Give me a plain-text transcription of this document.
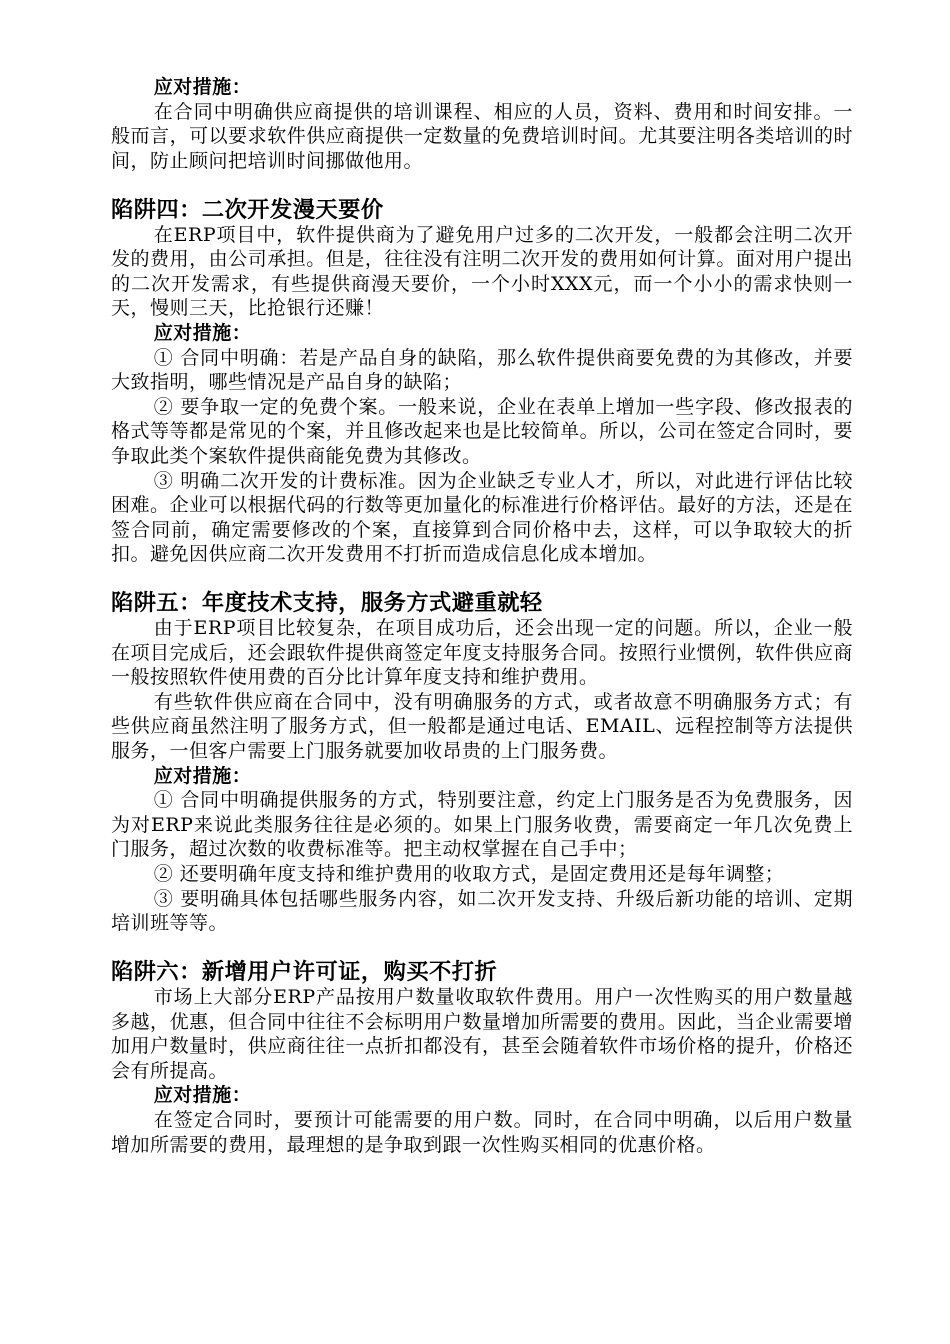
应对措施：

在合同中明确供应商提供的培训课程、相应的人员，资料、费用和时间安排。一般而言，可以要求软件供应商提供一定数量的免费培训时间。尤其要注明各类培训的时间，防止顾问把培训时间挪做他用。

陷阱四：二次开发漫天要价

在ERP项目中，软件提供商为了避免用户过多的二次开发，一般都会注明二次开发的费用，由公司承担。但是，往往没有注明二次开发的费用如何计算。面对用户提出的二次开发需求，有些提供商漫天要价，一个小时XXX元，而一个小小的需求快则一天，慢则三天，比抢银行还赚！

应对措施：

① 合同中明确：若是产品自身的缺陷，那么软件提供商要免费的为其修改，并要大致指明，哪些情况是产品自身的缺陷；

② 要争取一定的免费个案。一般来说，企业在表单上增加一些字段、修改报表的格式等等都是常见的个案，并且修改起来也是比较简单。所以，公司在签定合同时，要争取此类个案软件提供商能免费为其修改。

③ 明确二次开发的计费标准。因为企业缺乏专业人才，所以，对此进行评估比较困难。企业可以根据代码的行数等更加量化的标准进行价格评估。最好的方法，还是在签合同前，确定需要修改的个案，直接算到合同价格中去，这样，可以争取较大的折扣。避免因供应商二次开发费用不打折而造成信息化成本增加。

陷阱五：年度技术支持，服务方式避重就轻

由于ERP项目比较复杂，在项目成功后，还会出现一定的问题。所以，企业一般在项目完成后，还会跟软件提供商签定年度支持服务合同。按照行业惯例，软件供应商一般按照软件使用费的百分比计算年度支持和维护费用。

有些软件供应商在合同中，没有明确服务的方式，或者故意不明确服务方式；有些供应商虽然注明了服务方式，但一般都是通过电话、EMAIL、远程控制等方法提供服务，一但客户需要上门服务就要加收昂贵的上门服务费。

应对措施：

① 合同中明确提供服务的方式，特别要注意，约定上门服务是否为免费服务，因为对ERP来说此类服务往往是必须的。如果上门服务收费，需要商定一年几次免费上门服务，超过次数的收费标准等。把主动权掌握在自己手中；

② 还要明确年度支持和维护费用的收取方式，是固定费用还是每年调整；

③ 要明确具体包括哪些服务内容，如二次开发支持、升级后新功能的培训、定期培训班等等。

陷阱六：新增用户许可证，购买不打折

市场上大部分ERP产品按用户数量收取软件费用。用户一次性购买的用户数量越多越，优惠，但合同中往往不会标明用户数量增加所需要的费用。因此，当企业需要增加用户数量时，供应商往往一点折扣都没有，甚至会随着软件市场价格的提升，价格还会有所提高。

应对措施：

在签定合同时，要预计可能需要的用户数。同时，在合同中明确，以后用户数量增加所需要的费用，最理想的是争取到跟一次性购买相同的优惠价格。
